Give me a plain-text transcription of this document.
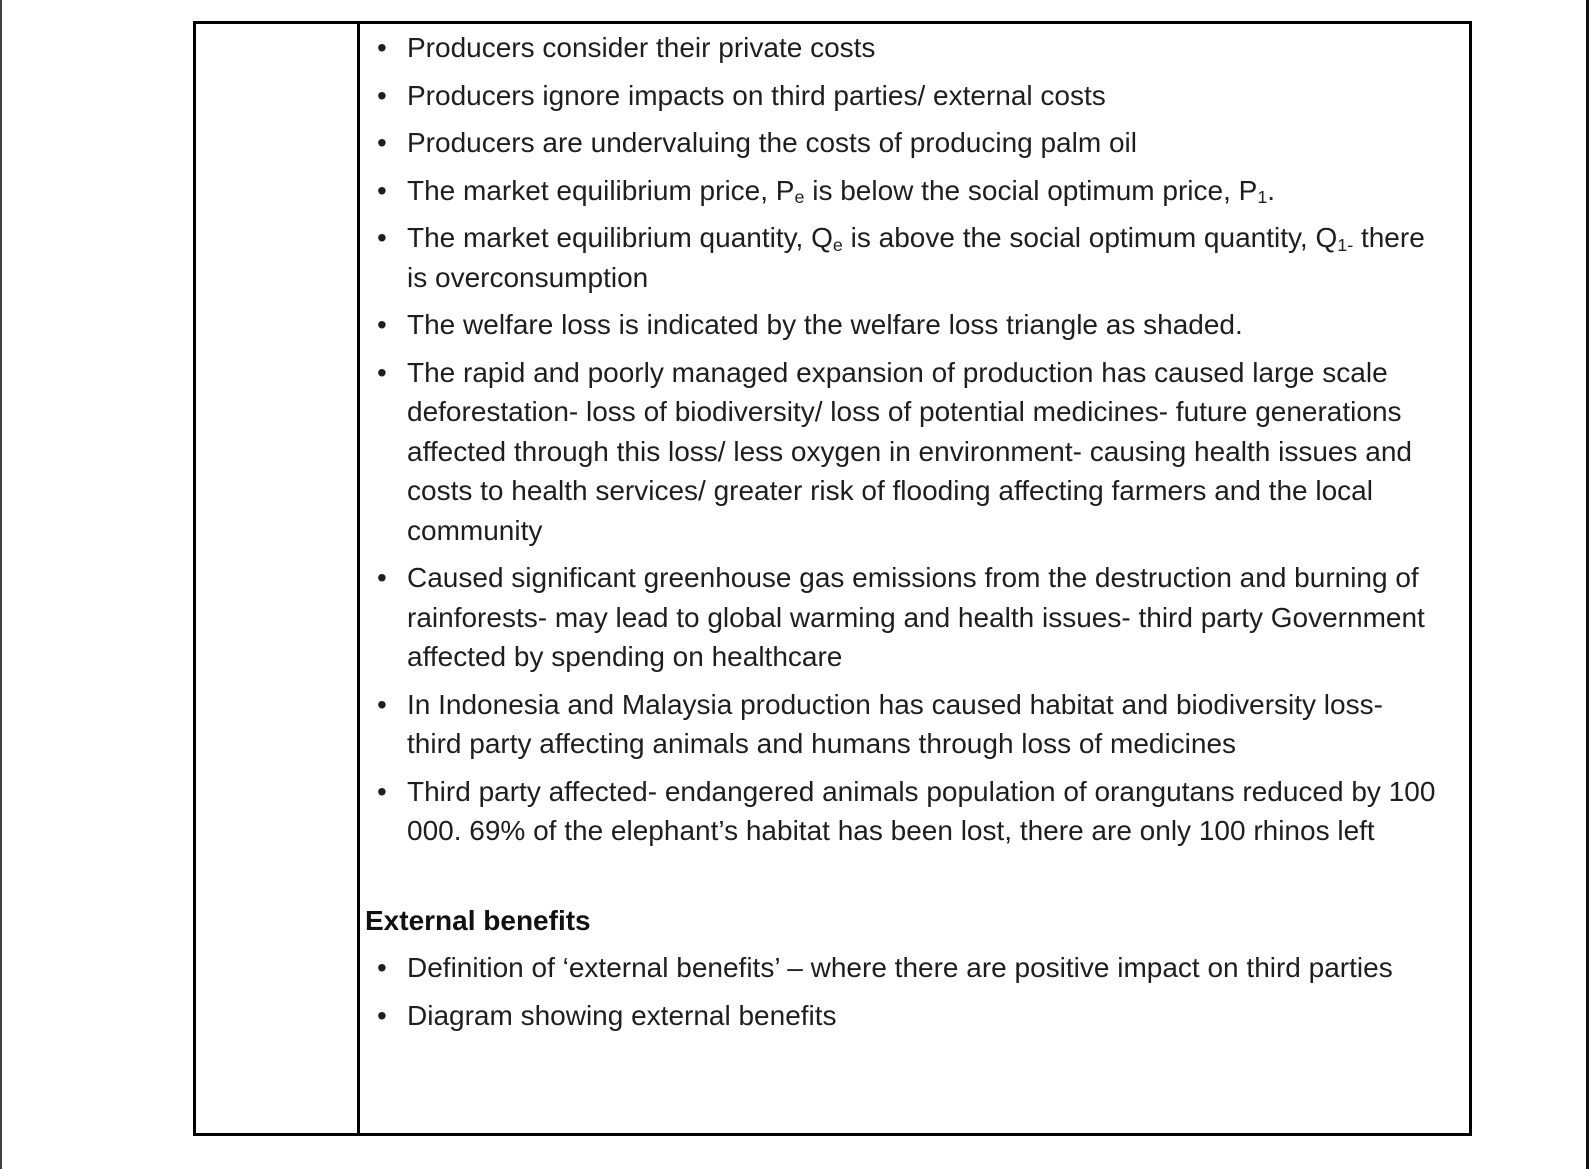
• Producers consider their private costs
• Producers ignore impacts on third parties/ external costs
• Producers are undervaluing the costs of producing palm oil
• The market equilibrium price, $P_e$ is below the social optimum price, $P_1$.
• The market equilibrium quantity, $Q_e$ is above the social optimum quantity, $Q_{1-}$ there is overconsumption
• The welfare loss is indicated by the welfare loss triangle as shaded.
• The rapid and poorly managed expansion of production has caused large scale deforestation- loss of biodiversity/ loss of potential medicines- future generations affected through this loss/ less oxygen in environment- causing health issues and costs to health services/ greater risk of flooding affecting farmers and the local community
• Caused significant greenhouse gas emissions from the destruction and burning of rainforests- may lead to global warming and health issues- third party Government affected by spending on healthcare
• In Indonesia and Malaysia production has caused habitat and biodiversity loss- third party affecting animals and humans through loss of medicines
• Third party affected- endangered animals population of orangutans reduced by 100 000. 69% of the elephant’s habitat has been lost, there are only 100 rhinos left
External benefits
• Definition of ‘external benefits’ – where there are positive impact on third parties
• Diagram showing external benefits
